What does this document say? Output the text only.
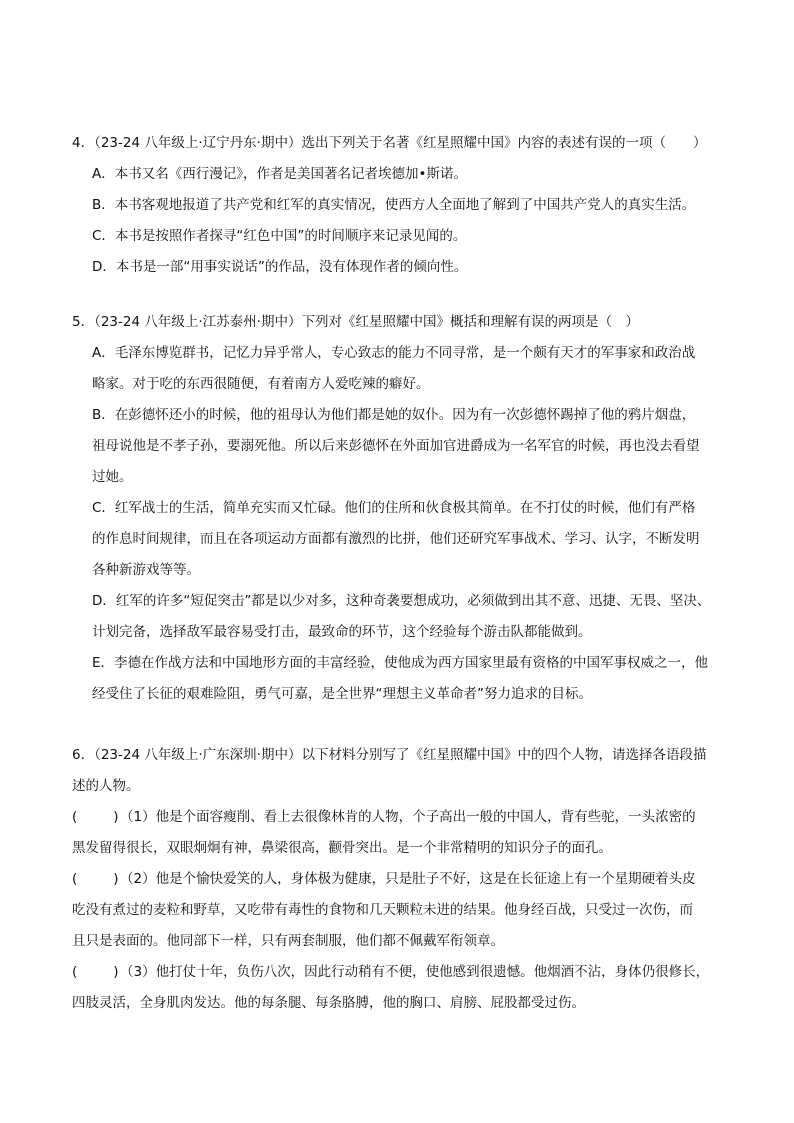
4．（23-24 八年级上·辽宁丹东·期中）选出下列关于名著《红星照耀中国》内容的表述有误的一项（　　）
A．本书又名《西行漫记》，作者是美国著名记者埃德加•斯诺。
B．本书客观地报道了共产党和红军的真实情况，使西方人全面地了解到了中国共产党人的真实生活。
C．本书是按照作者探寻“红色中国”的时间顺序来记录见闻的。
D．本书是一部“用事实说话”的作品，没有体现作者的倾向性。
5．（23-24 八年级上·江苏泰州·期中）下列对《红星照耀中国》概括和理解有误的两项是（　）
A．毛泽东博览群书，记忆力异乎常人，专心致志的能力不同寻常，是一个颇有天才的军事家和政治战
略家。对于吃的东西很随便，有着南方人爱吃辣的癖好。
B．在彭德怀还小的时候，他的祖母认为他们都是她的奴仆。因为有一次彭德怀踢掉了他的鸦片烟盘，
祖母说他是不孝子孙，要溺死他。所以后来彭德怀在外面加官进爵成为一名军官的时候，再也没去看望
过她。
C．红军战士的生活，简单充实而又忙碌。他们的住所和伙食极其简单。在不打仗的时候，他们有严格
的作息时间规律，而且在各项运动方面都有激烈的比拼，他们还研究军事战术、学习、认字，不断发明
各种新游戏等等。
D．红军的许多“短促突击”都是以少对多，这种奇袭要想成功，必须做到出其不意、迅捷、无畏、坚决、
计划完备，选择敌军最容易受打击，最致命的环节，这个经验每个游击队都能做到。
E．李德在作战方法和中国地形方面的丰富经验，使他成为西方国家里最有资格的中国军事权威之一，他
经受住了长征的艰难险阻，勇气可嘉，是全世界“理想主义革命者”努力追求的目标。
6．（23-24 八年级上·广东深圳·期中）以下材料分别写了《红星照耀中国》中的四个人物，请选择各语段描
述的人物。
(	)（1）他是个面容瘦削、看上去很像林肯的人物，个子高出一般的中国人，背有些驼，一头浓密的
黑发留得很长，双眼炯炯有神，鼻梁很高，颧骨突出。是一个非常精明的知识分子的面孔。
(	)（2）他是个愉快爱笑的人，身体极为健康，只是肚子不好，这是在长征途上有一个星期硬着头皮
吃没有煮过的麦粒和野草，又吃带有毒性的食物和几天颗粒未进的结果。他身经百战，只受过一次伤，而
且只是表面的。他同部下一样，只有两套制服，他们都不佩戴军衔领章。
(	)（3）他打仗十年，负伤八次，因此行动稍有不便，使他感到很遗憾。他烟酒不沾，身体仍很修长，
四肢灵活，全身肌肉发达。他的每条腿、每条胳膊，他的胸口、肩膀、屁股都受过伤。
